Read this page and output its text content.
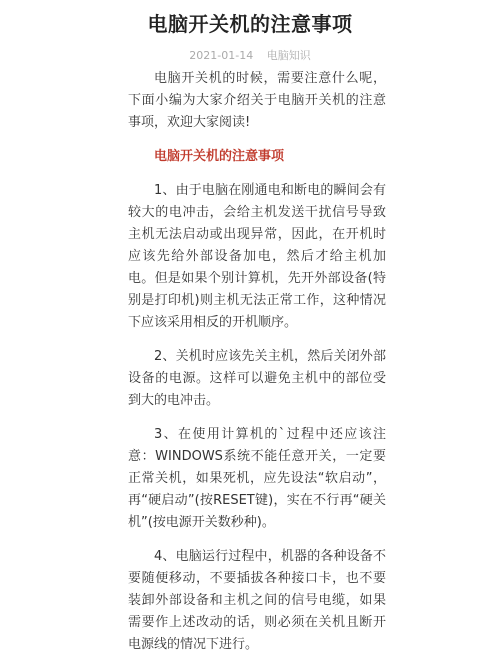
电脑开关机的注意事项
2021-01-14 电脑知识

电脑开关机的时候，需要注意什么呢，下面小编为大家介绍关于电脑开关机的注意事项，欢迎大家阅读!

电脑开关机的注意事项

1、由于电脑在刚通电和断电的瞬间会有较大的电冲击，会给主机发送干扰信号导致主机无法启动或出现异常，因此，在开机时应该先给外部设备加电，然后才给主机加电。但是如果个别计算机，先开外部设备(特别是打印机)则主机无法正常工作，这种情况下应该采用相反的开机顺序。

2、关机时应该先关主机，然后关闭外部设备的电源。这样可以避免主机中的部位受到大的电冲击。

3、在使用计算机的`过程中还应该注意：WINDOWS系统不能任意开关，一定要正常关机，如果死机，应先设法“软启动”，再“硬启动”(按RESET键)，实在不行再“硬关机”(按电源开关数秒种)。

4、电脑运行过程中，机器的各种设备不要随便移动，不要插拔各种接口卡，也不要装卸外部设备和主机之间的信号电缆，如果需要作上述改动的话，则必须在关机且断开电源线的情况下进行。
